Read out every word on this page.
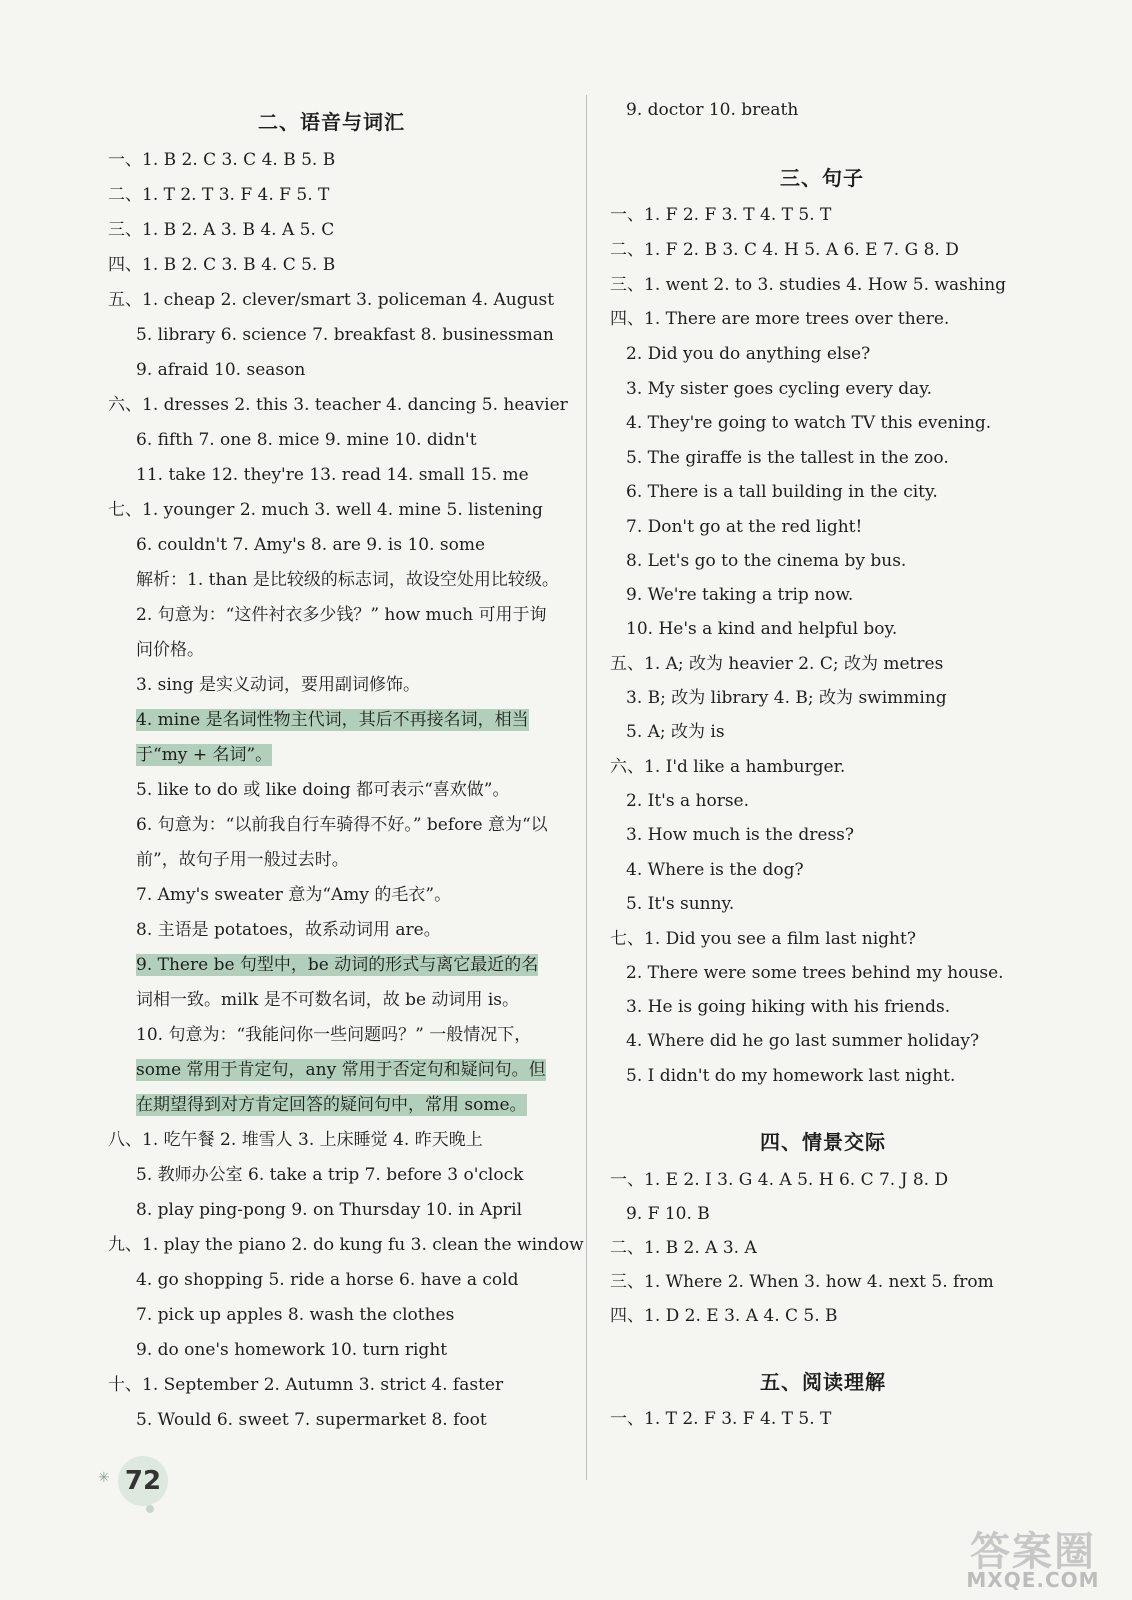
二、语音与词汇
一、1. B 2. C 3. C 4. B 5. B
二、1. T 2. T 3. F 4. F 5. T
三、1. B 2. A 3. B 4. A 5. C
四、1. B 2. C 3. B 4. C 5. B
五、1. cheap 2. clever/smart 3. policeman 4. August
5. library 6. science 7. breakfast 8. businessman
9. afraid 10. season
六、1. dresses 2. this 3. teacher 4. dancing 5. heavier
6. fifth 7. one 8. mice 9. mine 10. didn't
11. take 12. they're 13. read 14. small 15. me
七、1. younger 2. much 3. well 4. mine 5. listening
6. couldn't 7. Amy's 8. are 9. is 10. some
解析：1. than 是比较级的标志词，故设空处用比较级。
2. 句意为：“这件衬衣多少钱？” how much 可用于询
问价格。
3. sing 是实义动词，要用副词修饰。
4. mine 是名词性物主代词，其后不再接名词，相当
于“my + 名词”。
5. like to do 或 like doing 都可表示“喜欢做”。
6. 句意为：“以前我自行车骑得不好。” before 意为“以
前”，故句子用一般过去时。
7. Amy's sweater 意为“Amy 的毛衣”。
8. 主语是 potatoes，故系动词用 are。
9. There be 句型中，be 动词的形式与离它最近的名
词相一致。milk 是不可数名词，故 be 动词用 is。
10. 句意为：“我能问你一些问题吗？” 一般情况下，
some 常用于肯定句，any 常用于否定句和疑问句。但
在期望得到对方肯定回答的疑问句中，常用 some。
八、1. 吃午餐 2. 堆雪人 3. 上床睡觉 4. 昨天晚上
5. 教师办公室 6. take a trip 7. before 3 o'clock
8. play ping-pong 9. on Thursday 10. in April
九、1. play the piano 2. do kung fu 3. clean the window
4. go shopping 5. ride a horse 6. have a cold
7. pick up apples 8. wash the clothes
9. do one's homework 10. turn right
十、1. September 2. Autumn 3. strict 4. faster
5. Would 6. sweet 7. supermarket 8. foot
9. doctor 10. breath
三、句子
一、1. F 2. F 3. T 4. T 5. T
二、1. F 2. B 3. C 4. H 5. A 6. E 7. G 8. D
三、1. went 2. to 3. studies 4. How 5. washing
四、1. There are more trees over there.
2. Did you do anything else?
3. My sister goes cycling every day.
4. They're going to watch TV this evening.
5. The giraffe is the tallest in the zoo.
6. There is a tall building in the city.
7. Don't go at the red light!
8. Let's go to the cinema by bus.
9. We're taking a trip now.
10. He's a kind and helpful boy.
五、1. A; 改为 heavier 2. C; 改为 metres
3. B; 改为 library 4. B; 改为 swimming
5. A; 改为 is
六、1. I'd like a hamburger.
2. It's a horse.
3. How much is the dress?
4. Where is the dog?
5. It's sunny.
七、1. Did you see a film last night?
2. There were some trees behind my house.
3. He is going hiking with his friends.
4. Where did he go last summer holiday?
5. I didn't do my homework last night.
四、情景交际
一、1. E 2. I 3. G 4. A 5. H 6. C 7. J 8. D
9. F 10. B
二、1. B 2. A 3. A
三、1. Where 2. When 3. how 4. next 5. from
四、1. D 2. E 3. A 4. C 5. B
五、阅读理解
一、1. T 2. F 3. F 4. T 5. T
✳ 72
答案圈
MXQE.COM
